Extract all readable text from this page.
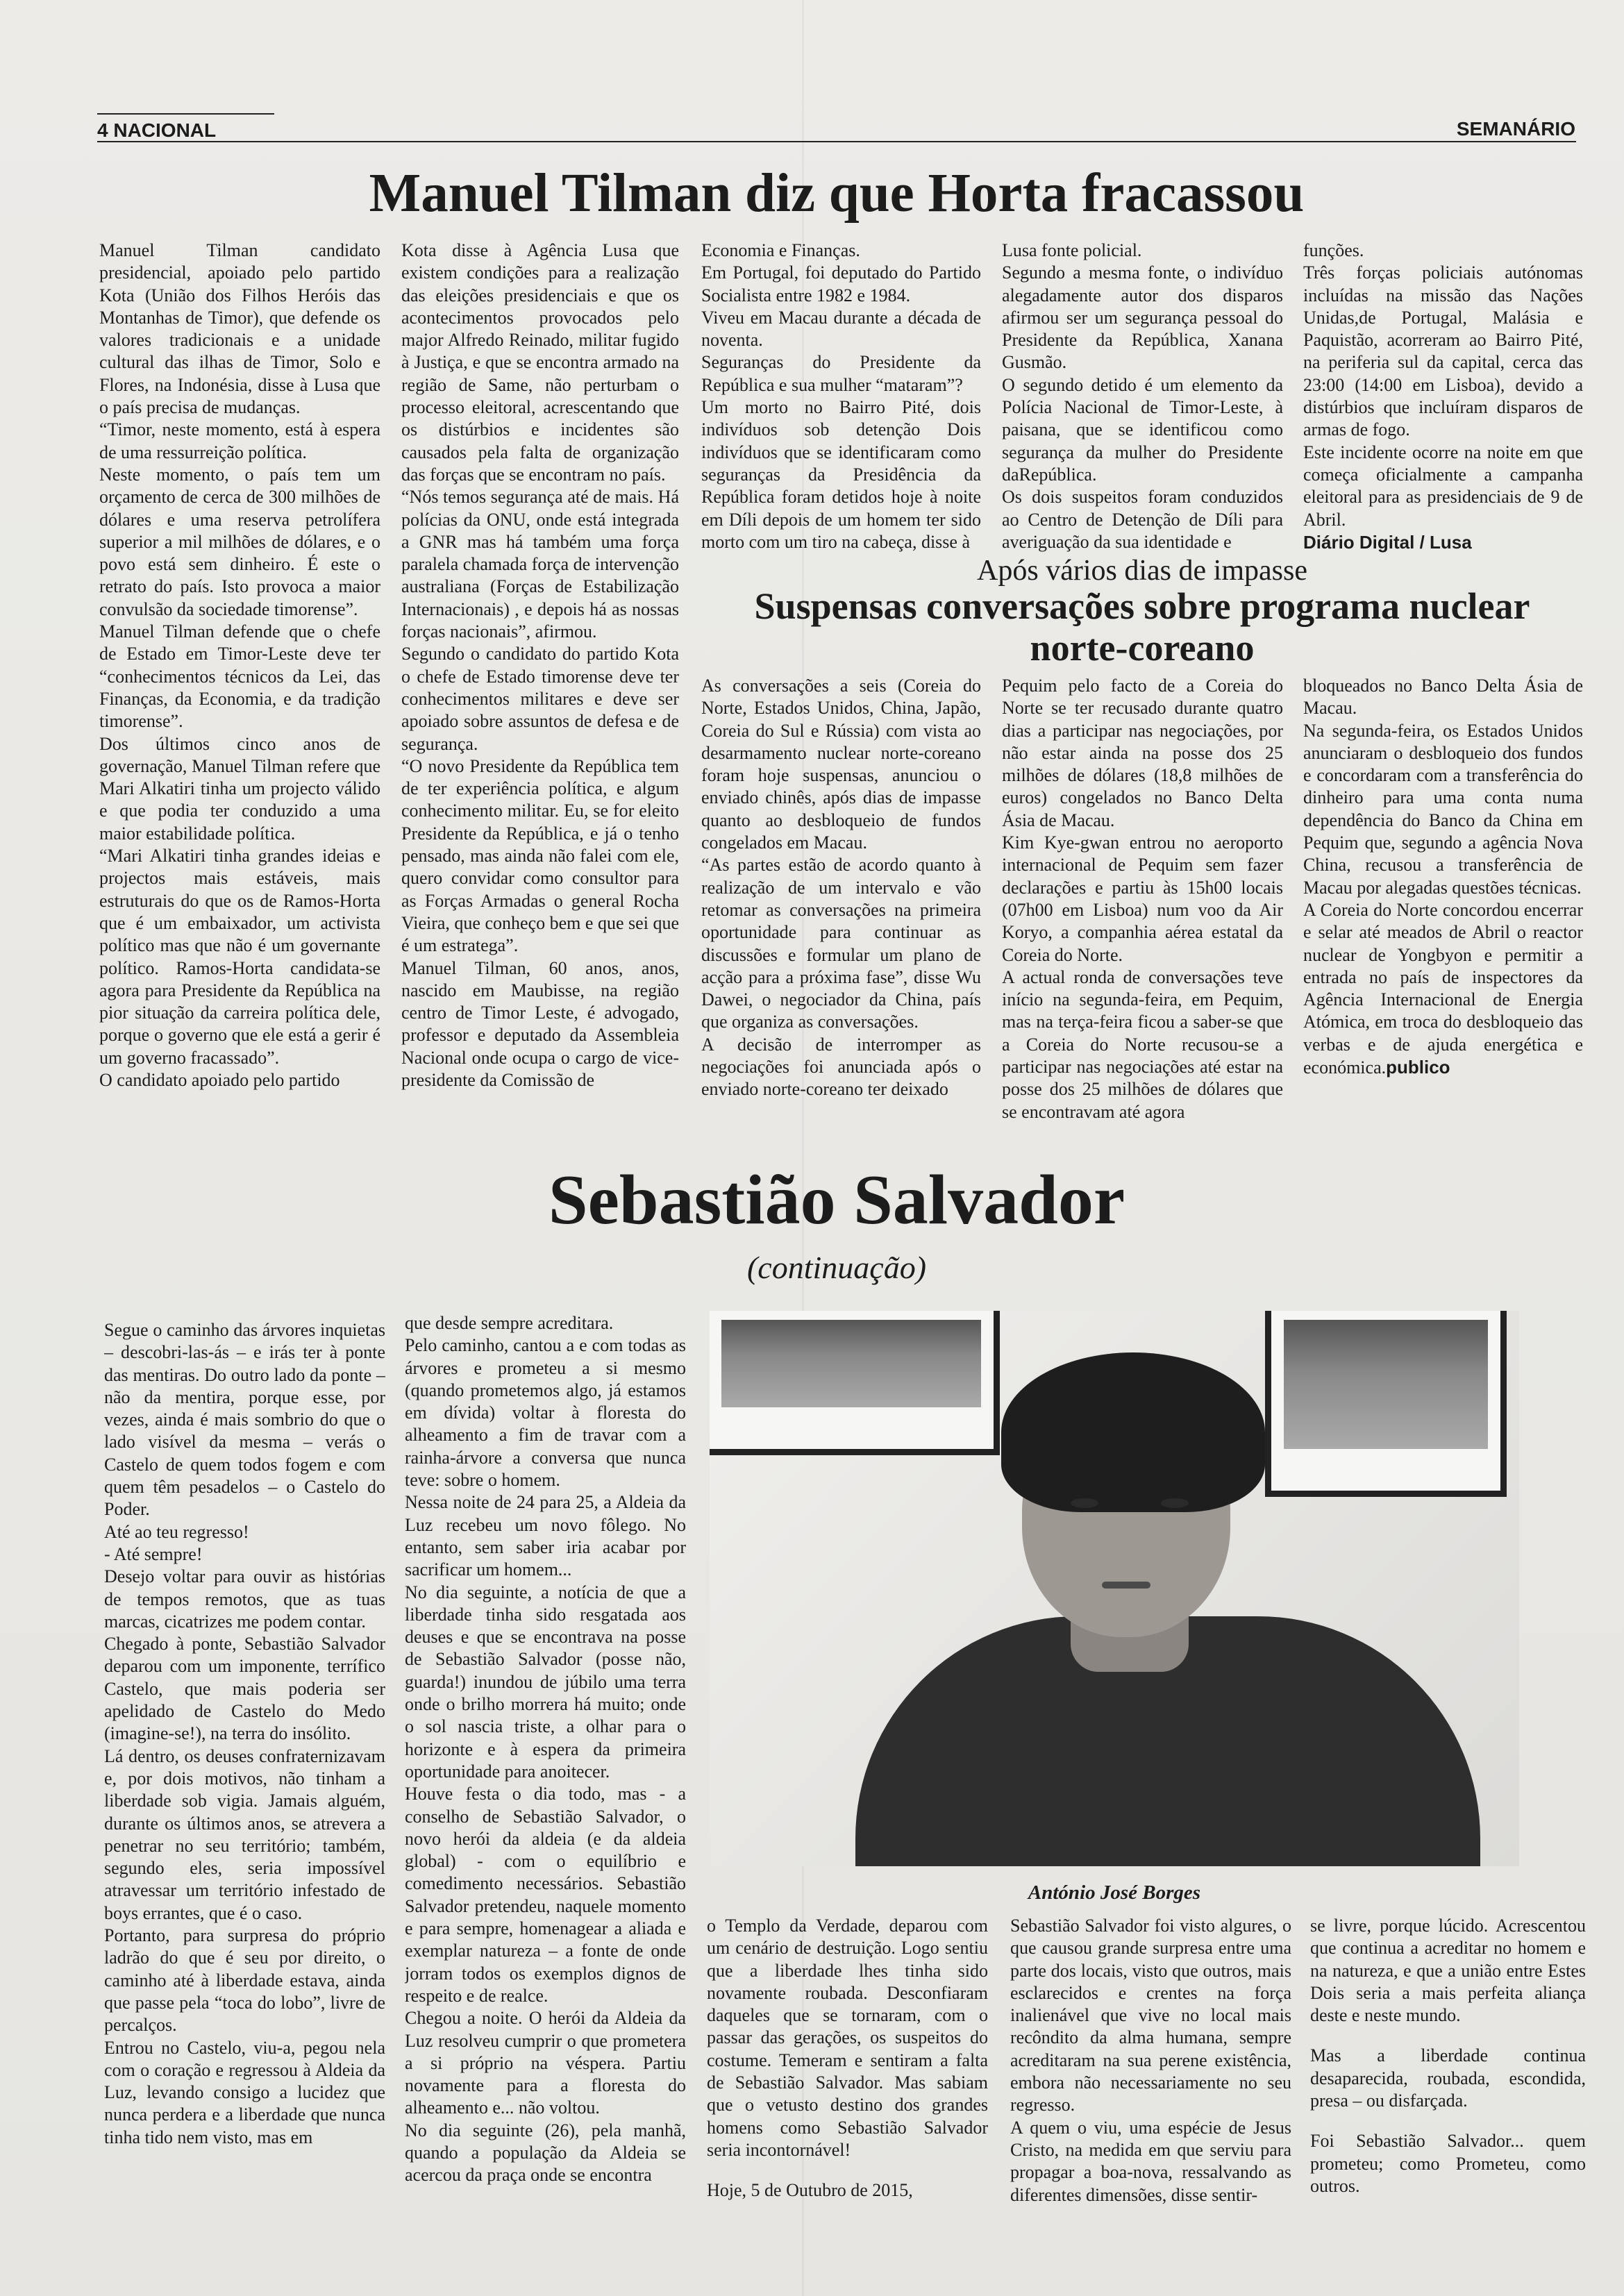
4 NACIONAL	SEMANÁRIO
Manuel Tilman diz que Horta fracassou

Manuel Tilman candidato presidencial, apoiado pelo partido Kota (União dos Filhos Heróis das Montanhas de Timor), que defende os valores tradicionais e a unidade cultural das ilhas de Timor, Solo e Flores, na Indonésia, disse à Lusa que o país precisa de mudanças.

“Timor, neste momento, está à espera de uma ressurreição política.

Neste momento, o país tem um orçamento de cerca de 300 milhões de dólares e uma reserva petrolífera superior a mil milhões de dólares, e o povo está sem dinheiro. É este o retrato do país. Isto provoca a maior convulsão da sociedade timorense”.

Manuel Tilman defende que o chefe de Estado em Timor-Leste deve ter “conhecimentos técnicos da Lei, das Finanças, da Economia, e da tradição timorense”.

Dos últimos cinco anos de governação, Manuel Tilman refere que Mari Alkatiri tinha um projecto válido e que podia ter conduzido a uma maior estabilidade política.

“Mari Alkatiri tinha grandes ideias e projectos mais estáveis, mais estruturais do que os de Ramos-Horta que é um embaixador, um activista político mas que não é um governante político. Ramos-Horta candidata-se agora para Presidente da República na pior situação da carreira política dele, porque o governo que ele está a gerir é um governo fracassado”.

O candidato apoiado pelo partido

Kota disse à Agência Lusa que existem condições para a realização das eleições presidenciais e que os acontecimentos provocados pelo major Alfredo Reinado, militar fugido à Justiça, e que se encontra armado na região de Same, não perturbam o processo eleitoral, acrescentando que os distúrbios e incidentes são causados pela falta de organização das forças que se encontram no país.

“Nós temos segurança até de mais. Há polícias da ONU, onde está integrada a GNR mas há também uma força paralela chamada força de intervenção australiana (Forças de Estabilização Internacionais) , e depois há as nossas forças nacionais”, afirmou.

Segundo o candidato do partido Kota o chefe de Estado timorense deve ter conhecimentos militares e deve ser apoiado sobre assuntos de defesa e de segurança.

“O novo Presidente da República tem de ter experiência política, e algum conhecimento militar. Eu, se for eleito Presidente da República, e já o tenho pensado, mas ainda não falei com ele, quero convidar como consultor para as Forças Armadas o general Rocha Vieira, que conheço bem e que sei que é um estratega”.

Manuel Tilman, 60 anos, anos, nascido em Maubisse, na região centro de Timor Leste, é advogado, professor e deputado da Assembleia Nacional onde ocupa o cargo de vice-presidente da Comissão de

Economia e Finanças.

Em Portugal, foi deputado do Partido Socialista entre 1982 e 1984.

Viveu em Macau durante a década de noventa.

Seguranças do Presidente da República e sua mulher “mataram”?

Um morto no Bairro Pité, dois indivíduos sob detenção Dois indivíduos que se identificaram como seguranças da Presidência da República foram detidos hoje à noite em Díli depois de um homem ter sido morto com um tiro na cabeça, disse à

Lusa fonte policial.

Segundo a mesma fonte, o indivíduo alegadamente autor dos disparos afirmou ser um segurança pessoal do Presidente da República, Xanana Gusmão.

O segundo detido é um elemento da Polícia Nacional de Timor-Leste, à paisana, que se identificou como segurança da mulher do Presidente daRepública.

Os dois suspeitos foram conduzidos ao Centro de Detenção de Díli para averiguação da sua identidade e

funções.

Três forças policiais autónomas incluídas na missão das Nações Unidas,de Portugal, Malásia e Paquistão, acorreram ao Bairro Pité, na periferia sul da capital, cerca das 23:00 (14:00 em Lisboa), devido a distúrbios que incluíram disparos de armas de fogo.

Este incidente ocorre na noite em que começa oficialmente a campanha eleitoral para as presidenciais de 9 de Abril.

Diário Digital / Lusa

Após vários dias de impasse
Suspensas conversações sobre programa nuclear
norte-coreano

As conversações a seis (Coreia do Norte, Estados Unidos, China, Japão, Coreia do Sul e Rússia) com vista ao desarmamento nuclear norte-coreano foram hoje suspensas, anunciou o enviado chinês, após dias de impasse quanto ao desbloqueio de fundos congelados em Macau.

“As partes estão de acordo quanto à realização de um intervalo e vão retomar as conversações na primeira oportunidade para continuar as discussões e formular um plano de acção para a próxima fase”, disse Wu Dawei, o negociador da China, país que organiza as conversações.

A decisão de interromper as negociações foi anunciada após o enviado norte-coreano ter deixado

Pequim pelo facto de a Coreia do Norte se ter recusado durante quatro dias a participar nas negociações, por não estar ainda na posse dos 25 milhões de dólares (18,8 milhões de euros) congelados no Banco Delta Ásia de Macau.

Kim Kye-gwan entrou no aeroporto internacional de Pequim sem fazer declarações e partiu às 15h00 locais (07h00 em Lisboa) num voo da Air Koryo, a companhia aérea estatal da Coreia do Norte.

A actual ronda de conversações teve início na segunda-feira, em Pequim, mas na terça-feira ficou a saber-se que a Coreia do Norte recusou-se a participar nas negociações até estar na posse dos 25 milhões de dólares que se encontravam até agora

bloqueados no Banco Delta Ásia de Macau.

Na segunda-feira, os Estados Unidos anunciaram o desbloqueio dos fundos e concordaram com a transferência do dinheiro para uma conta numa dependência do Banco da China em Pequim que, segundo a agência Nova China, recusou a transferência de Macau por alegadas questões técnicas.

A Coreia do Norte concordou encerrar e selar até meados de Abril o reactor nuclear de Yongbyon e permitir a entrada no país de inspectores da Agência Internacional de Energia Atómica, em troca do desbloqueio das verbas e de ajuda energética e económica.publico

Sebastião Salvador
(continuação)

Segue o caminho das árvores inquietas – descobri-las-ás – e irás ter à ponte das mentiras. Do outro lado da ponte – não da mentira, porque esse, por vezes, ainda é mais sombrio do que o lado visível da mesma – verás o Castelo de quem todos fogem e com quem têm pesadelos – o Castelo do Poder.

Até ao teu regresso!

- Até sempre!

Desejo voltar para ouvir as histórias de tempos remotos, que as tuas marcas, cicatrizes me podem contar.

Chegado à ponte, Sebastião Salvador deparou com um imponente, terrífico Castelo, que mais poderia ser apelidado de Castelo do Medo (imagine-se!), na terra do insólito.

Lá dentro, os deuses confraternizavam e, por dois motivos, não tinham a liberdade sob vigia. Jamais alguém, durante os últimos anos, se atrevera a penetrar no seu território; também, segundo eles, seria impossível atravessar um território infestado de boys errantes, que é o caso.

Portanto, para surpresa do próprio ladrão do que é seu por direito, o caminho até à liberdade estava, ainda que passe pela “toca do lobo”, livre de percalços.

Entrou no Castelo, viu-a, pegou nela com o coração e regressou à Aldeia da Luz, levando consigo a lucidez que nunca perdera e a liberdade que nunca tinha tido nem visto, mas em

que desde sempre acreditara.

Pelo caminho, cantou a e com todas as árvores e prometeu a si mesmo (quando prometemos algo, já estamos em dívida) voltar à floresta do alheamento a fim de travar com a rainha-árvore a conversa que nunca teve: sobre o homem.

Nessa noite de 24 para 25, a Aldeia da Luz recebeu um novo fôlego. No entanto, sem saber iria acabar por sacrificar um homem...

No dia seguinte, a notícia de que a liberdade tinha sido resgatada aos deuses e que se encontrava na posse de Sebastião Salvador (posse não, guarda!) inundou de júbilo uma terra onde o brilho morrera há muito; onde o sol nascia triste, a olhar para o horizonte e à espera da primeira oportunidade para anoitecer.

Houve festa o dia todo, mas - a conselho de Sebastião Salvador, o novo herói da aldeia (e da aldeia global) - com o equilíbrio e comedimento necessários. Sebastião Salvador pretendeu, naquele momento e para sempre, homenagear a aliada e exemplar natureza – a fonte de onde jorram todos os exemplos dignos de respeito e de realce.

Chegou a noite. O herói da Aldeia da Luz resolveu cumprir o que prometera a si próprio na véspera. Partiu novamente para a floresta do alheamento e... não voltou.

No dia seguinte (26), pela manhã, quando a população da Aldeia se acercou da praça onde se encontra

António José Borges

o Templo da Verdade, deparou com um cenário de destruição. Logo sentiu que a liberdade lhes tinha sido novamente roubada. Desconfiaram daqueles que se tornaram, com o passar das gerações, os suspeitos do costume. Temeram e sentiram a falta de Sebastião Salvador. Mas sabiam que o vetusto destino dos grandes homens como Sebastião Salvador seria incontornável!

Hoje, 5 de Outubro de 2015,

Sebastião Salvador foi visto algures, o que causou grande surpresa entre uma parte dos locais, visto que outros, mais esclarecidos e crentes na força inalienável que vive no local mais recôndito da alma humana, sempre acreditaram na sua perene existência, embora não necessariamente no seu regresso.

A quem o viu, uma espécie de Jesus Cristo, na medida em que serviu para propagar a boa-nova, ressalvando as diferentes dimensões, disse sentir-

se livre, porque lúcido. Acrescentou que continua a acreditar no homem e na natureza, e que a união entre Estes Dois seria a mais perfeita aliança deste e neste mundo.

Mas a liberdade continua desaparecida, roubada, escondida, presa – ou disfarçada.

Foi Sebastião Salvador... quem prometeu; como Prometeu, como outros.
